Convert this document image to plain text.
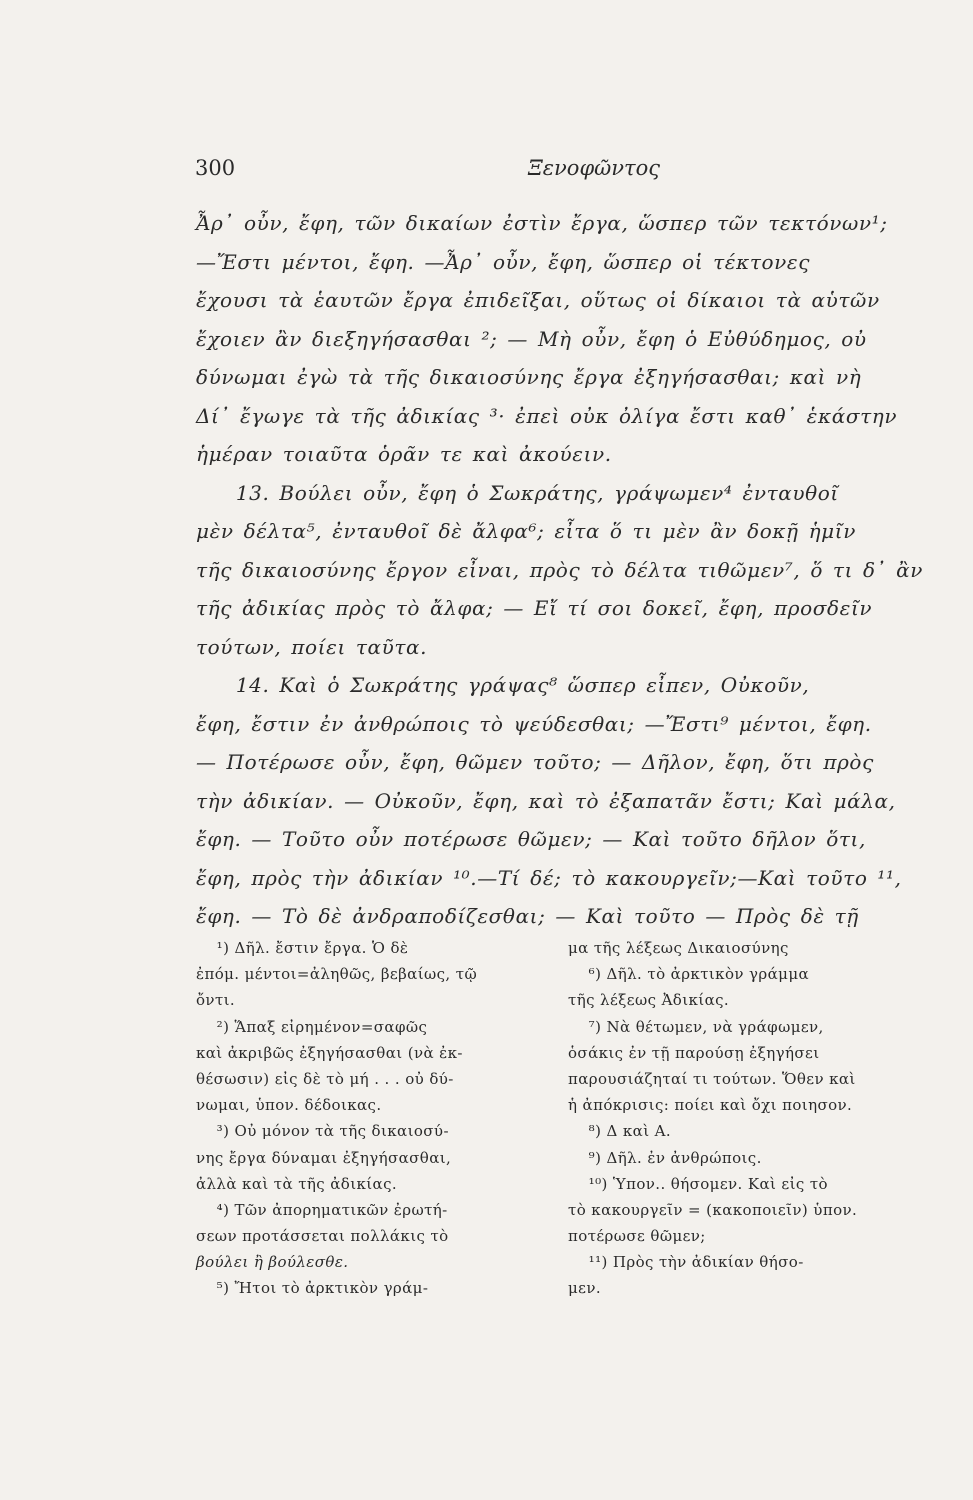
300	Ξενοφῶντος
Ἆρ᾽ οὖν, ἔφη, τῶν δικαίων ἐστὶν ἔργα, ὥσπερ τῶν τεκτόνων¹;
—Ἔστι μέντοι, ἔφη. —Ἆρ᾽ οὖν, ἔφη, ὥσπερ οἱ τέκτονες
ἔχουσι τὰ ἑαυτῶν ἔργα ἐπιδεῖξαι, οὕτως οἱ δίκαιοι τὰ αὑτῶν
ἔχοιεν ἂν διεξηγήσασθαι ²; — Μὴ οὖν, ἔφη ὁ Εὐθύδημος, οὐ
δύνωμαι ἐγὼ τὰ τῆς δικαιοσύνης ἔργα ἐξηγήσασθαι; καὶ νὴ
Δί᾽ ἔγωγε τὰ τῆς ἀδικίας ³· ἐπεὶ οὐκ ὀλίγα ἔστι καθ᾽ ἑκάστην
ἡμέραν τοιαῦτα ὁρᾶν τε καὶ ἀκούειν.
13. Βούλει οὖν, ἔφη ὁ Σωκράτης, γράψωμεν⁴ ἐνταυθοῖ
μὲν δέλτα⁵, ἐνταυθοῖ δὲ ἄλφα⁶; εἶτα ὅ τι μὲν ἂν δοκῇ ἡμῖν
τῆς δικαιοσύνης ἔργον εἶναι, πρὸς τὸ δέλτα τιθῶμεν⁷, ὅ τι δ᾽ ἂν
τῆς ἀδικίας πρὸς τὸ ἄλφα; — Εἴ τί σοι δοκεῖ, ἔφη, προσδεῖν
τούτων, ποίει ταῦτα.
14. Καὶ ὁ Σωκράτης γράψας⁸ ὥσπερ εἶπεν, Οὐκοῦν,
ἔφη, ἔστιν ἐν ἀνθρώποις τὸ ψεύδεσθαι; —Ἔστι⁹ μέντοι, ἔφη.
— Ποτέρωσε οὖν, ἔφη, θῶμεν τοῦτο; — Δῆλον, ἔφη, ὅτι πρὸς
τὴν ἀδικίαν. — Οὐκοῦν, ἔφη, καὶ τὸ ἐξαπατᾶν ἔστι; Καὶ μάλα,
ἔφη. — Τοῦτο οὖν ποτέρωσε θῶμεν; — Καὶ τοῦτο δῆλον ὅτι,
ἔφη, πρὸς τὴν ἀδικίαν ¹⁰.—Τί δέ; τὸ κακουργεῖν;—Καὶ τοῦτο ¹¹,
ἔφη. — Τὸ δὲ ἀνδραποδίζεσθαι; — Καὶ τοῦτο — Πρὸς δὲ τῇ
¹) Δῆλ. ἔστιν ἔργα. Ὁ δὲ
ἐπόμ. μέντοι=ἀληθῶς, βεβαίως, τῷ
ὄντι.
²) Ἅπαξ εἰρημένον=σαφῶς
καὶ ἀκριβῶς ἐξηγήσασθαι (νὰ ἐκ-
θέσωσιν) εἰς δὲ τὸ μή . . . οὐ δύ-
νωμαι, ὑπον. δέδοικας.
³) Οὐ μόνον τὰ τῆς δικαιοσύ-
νης ἔργα δύναμαι ἐξηγήσασθαι,
ἀλλὰ καὶ τὰ τῆς ἀδικίας.
⁴) Τῶν ἀπορηματικῶν ἐρωτή-
σεων προτάσσεται πολλάκις τὸ
βούλει ἢ βούλεσθε.
⁵) Ἤτοι τὸ ἀρκτικὸν γράμ-
μα τῆς λέξεως Δικαιοσύνης
⁶) Δῆλ. τὸ ἀρκτικὸν γράμμα
τῆς λέξεως Ἀδικίας.
⁷) Νὰ θέτωμεν, νὰ γράφωμεν,
ὁσάκις ἐν τῇ παρούσῃ ἐξηγήσει
παρουσιάζηταί τι τούτων. Ὅθεν καὶ
ἡ ἀπόκρισις: ποίει καὶ ὄχι ποιησον.
⁸) Δ καὶ Α.
⁹) Δῆλ. ἐν ἀνθρώποις.
¹⁰) Ὑπον.. θήσομεν. Καὶ εἰς τὸ
τὸ κακουργεῖν = (κακοποιεῖν) ὑπον.
ποτέρωσε θῶμεν;
¹¹) Πρὸς τὴν ἀδικίαν θήσο-
μεν.
